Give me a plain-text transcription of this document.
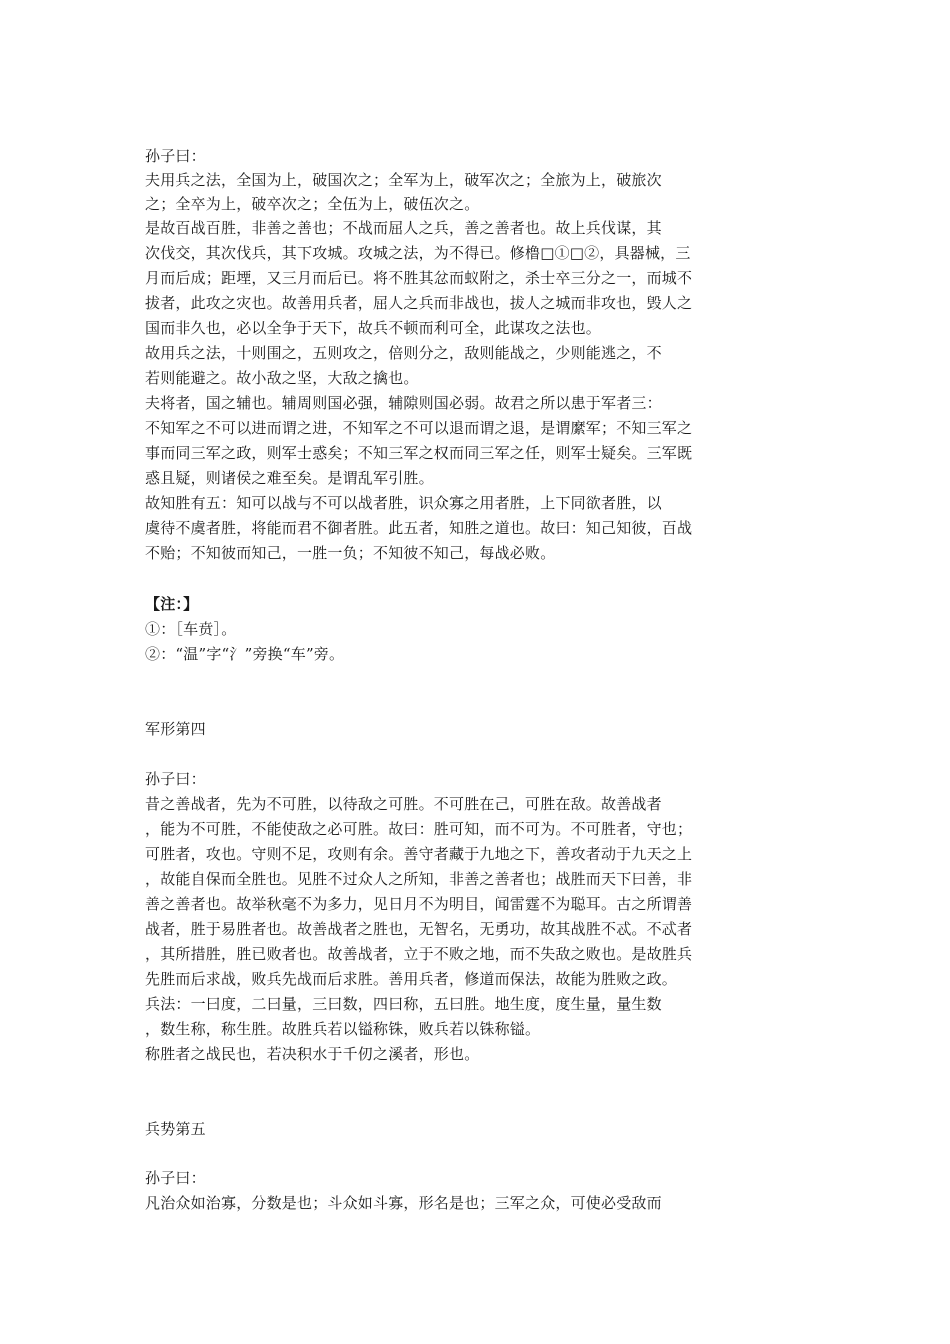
孙子曰：
夫用兵之法，全国为上，破国次之；全军为上，破军次之；全旅为上，破旅次
之；全卒为上，破卒次之；全伍为上，破伍次之。
是故百战百胜，非善之善也；不战而屈人之兵，善之善者也。故上兵伐谋，其
次伐交，其次伐兵，其下攻城。攻城之法，为不得已。修橹□①□②，具器械，三
月而后成；距堙，又三月而后已。将不胜其忿而蚁附之，杀士卒三分之一，而城不
拔者，此攻之灾也。故善用兵者，屈人之兵而非战也，拔人之城而非攻也，毁人之
国而非久也，必以全争于天下，故兵不顿而利可全，此谋攻之法也。
故用兵之法，十则围之，五则攻之，倍则分之，敌则能战之，少则能逃之，不
若则能避之。故小敌之坚，大敌之擒也。
夫将者，国之辅也。辅周则国必强，辅隙则国必弱。故君之所以患于军者三：
不知军之不可以进而谓之进，不知军之不可以退而谓之退，是谓縻军；不知三军之
事而同三军之政，则军士惑矣；不知三军之权而同三军之任，则军士疑矣。三军既
惑且疑，则诸侯之难至矣。是谓乱军引胜。
故知胜有五：知可以战与不可以战者胜，识众寡之用者胜，上下同欲者胜，以
虞待不虞者胜，将能而君不御者胜。此五者，知胜之道也。故曰：知己知彼，百战
不贻；不知彼而知己，一胜一负；不知彼不知己，每战必败。
【注：】
①：［车贲］。
②：“温”字“氵”旁换“车”旁。
军形第四
孙子曰：
昔之善战者，先为不可胜，以待敌之可胜。不可胜在己，可胜在敌。故善战者
，能为不可胜，不能使敌之必可胜。故曰：胜可知，而不可为。不可胜者，守也；
可胜者，攻也。守则不足，攻则有余。善守者藏于九地之下，善攻者动于九天之上
，故能自保而全胜也。见胜不过众人之所知，非善之善者也；战胜而天下曰善，非
善之善者也。故举秋毫不为多力，见日月不为明目，闻雷霆不为聪耳。古之所谓善
战者，胜于易胜者也。故善战者之胜也，无智名，无勇功，故其战胜不忒。不忒者
，其所措胜，胜已败者也。故善战者，立于不败之地，而不失敌之败也。是故胜兵
先胜而后求战，败兵先战而后求胜。善用兵者，修道而保法，故能为胜败之政。
兵法：一曰度，二曰量，三曰数，四曰称，五曰胜。地生度，度生量，量生数
，数生称，称生胜。故胜兵若以镒称铢，败兵若以铢称镒。
称胜者之战民也，若决积水于千仞之溪者，形也。
兵势第五
孙子曰：
凡治众如治寡，分数是也；斗众如斗寡，形名是也；三军之众，可使必受敌而
